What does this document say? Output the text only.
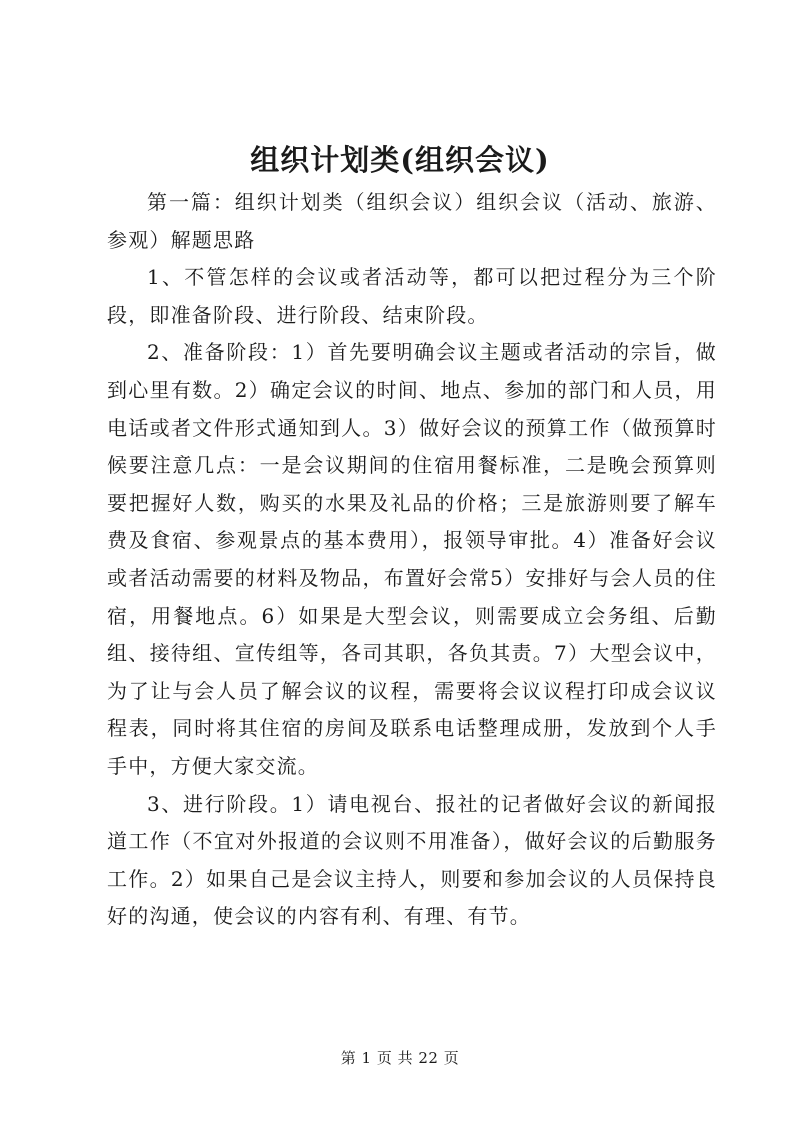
组织计划类(组织会议)

第一篇：组织计划类（组织会议）组织会议（活动、旅游、参观）解题思路

1、不管怎样的会议或者活动等，都可以把过程分为三个阶段，即准备阶段、进行阶段、结束阶段。

2、准备阶段：1）首先要明确会议主题或者活动的宗旨，做到心里有数。2）确定会议的时间、地点、参加的部门和人员，用电话或者文件形式通知到人。3）做好会议的预算工作（做预算时候要注意几点：一是会议期间的住宿用餐标准，二是晚会预算则要把握好人数，购买的水果及礼品的价格；三是旅游则要了解车费及食宿、参观景点的基本费用），报领导审批。4）准备好会议或者活动需要的材料及物品，布置好会常5）安排好与会人员的住宿，用餐地点。6）如果是大型会议，则需要成立会务组、后勤组、接待组、宣传组等，各司其职，各负其责。7）大型会议中，为了让与会人员了解会议的议程，需要将会议议程打印成会议议程表，同时将其住宿的房间及联系电话整理成册，发放到个人手手中，方便大家交流。

3、进行阶段。1）请电视台、报社的记者做好会议的新闻报道工作（不宜对外报道的会议则不用准备），做好会议的后勤服务工作。2）如果自己是会议主持人，则要和参加会议的人员保持良好的沟通，使会议的内容有利、有理、有节。

第 1 页 共 22 页
